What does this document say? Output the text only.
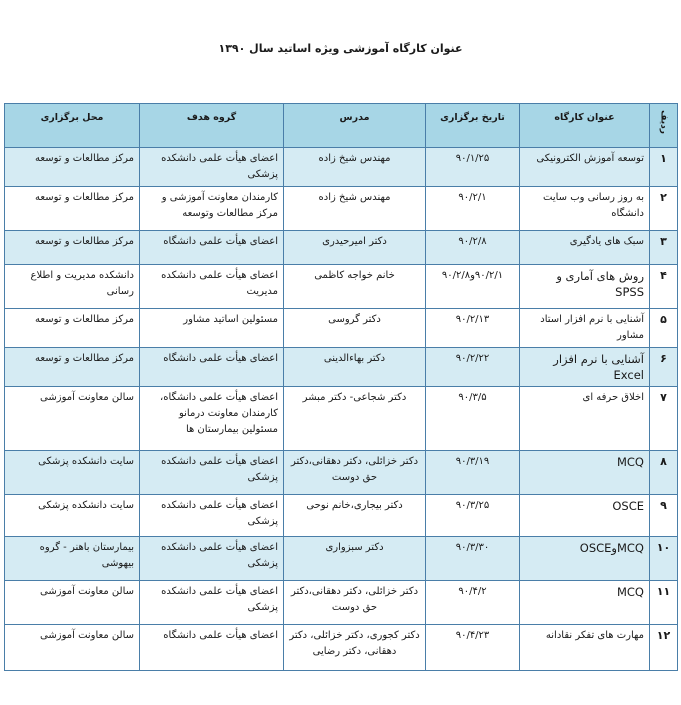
عنوان کارگاه آموزشی ویژه اساتید سال ۱۳۹۰
ردیف	عنوان کارگاه	تاریخ برگزاری	مدرس	گروه هدف	محل برگزاری
۱	توسعه آموزش الکترونیکی	۹۰/۱/۲۵	مهندس شیخ زاده	اعضای هیأت علمی دانشکده پزشکی	مرکز مطالعات و توسعه
۲	به روز رسانی وب سایت دانشگاه	۹۰/۲/۱	مهندس شیخ زاده	کارمندان معاونت آموزشی و مرکز مطالعات وتوسعه	مرکز مطالعات و توسعه
۳	سبک های یادگیری	۹۰/۲/۸	دکتر امیرحیدری	اعضای هیأت علمی دانشگاه	مرکز مطالعات و توسعه
۴	روش های آماری و SPSS	۹۰/۲/۱و۹۰/۲/۸	خانم خواجه کاظمی	اعضای هیأت علمی دانشکده مدیریت	دانشکده مدیریت و اطلاع رسانی
۵	آشنایی با نرم افزار استاد مشاور	۹۰/۲/۱۳	دکتر گروسی	مسئولین اساتید مشاور	مرکز مطالعات و توسعه
۶	آشنایی با نرم افزار Excel	۹۰/۲/۲۲	دکتر بهاءالدینی	اعضای هیأت علمی دانشگاه	مرکز مطالعات و توسعه
۷	اخلاق حرفه ای	۹۰/۳/۵	دکتر شجاعی- دکتر مبشر	اعضای هیأت علمی دانشگاه، کارمندان معاونت درمانو مسئولین بیمارستان ها	سالن معاونت آموزشی
۸	MCQ	۹۰/۳/۱۹	دکتر خزائلی، دکتر دهقانی،دکتر حق دوست	اعضای هیأت علمی دانشکده پزشکی	سایت دانشکده پزشکی
۹	OSCE	۹۰/۳/۲۵	دکتر بیجاری،خانم نوحی	اعضای هیأت علمی دانشکده پزشکی	سایت دانشکده پزشکی
۱۰	MCQوOSCE	۹۰/۳/۳۰	دکتر سبزواری	اعضای هیأت علمی دانشکده پزشکی	بیمارستان باهنر - گروه بیهوشی
۱۱	MCQ	۹۰/۴/۲	دکتر خزائلی، دکتر دهقانی،دکتر حق دوست	اعضای هیأت علمی دانشکده پزشکی	سالن معاونت آموزشی
۱۲	مهارت های تفکر نقادانه	۹۰/۴/۲۳	دکتر کجوری، دکتر خزائلی، دکتر دهقانی، دکتر رضایی	اعضای هیأت علمی دانشگاه	سالن معاونت آموزشی
